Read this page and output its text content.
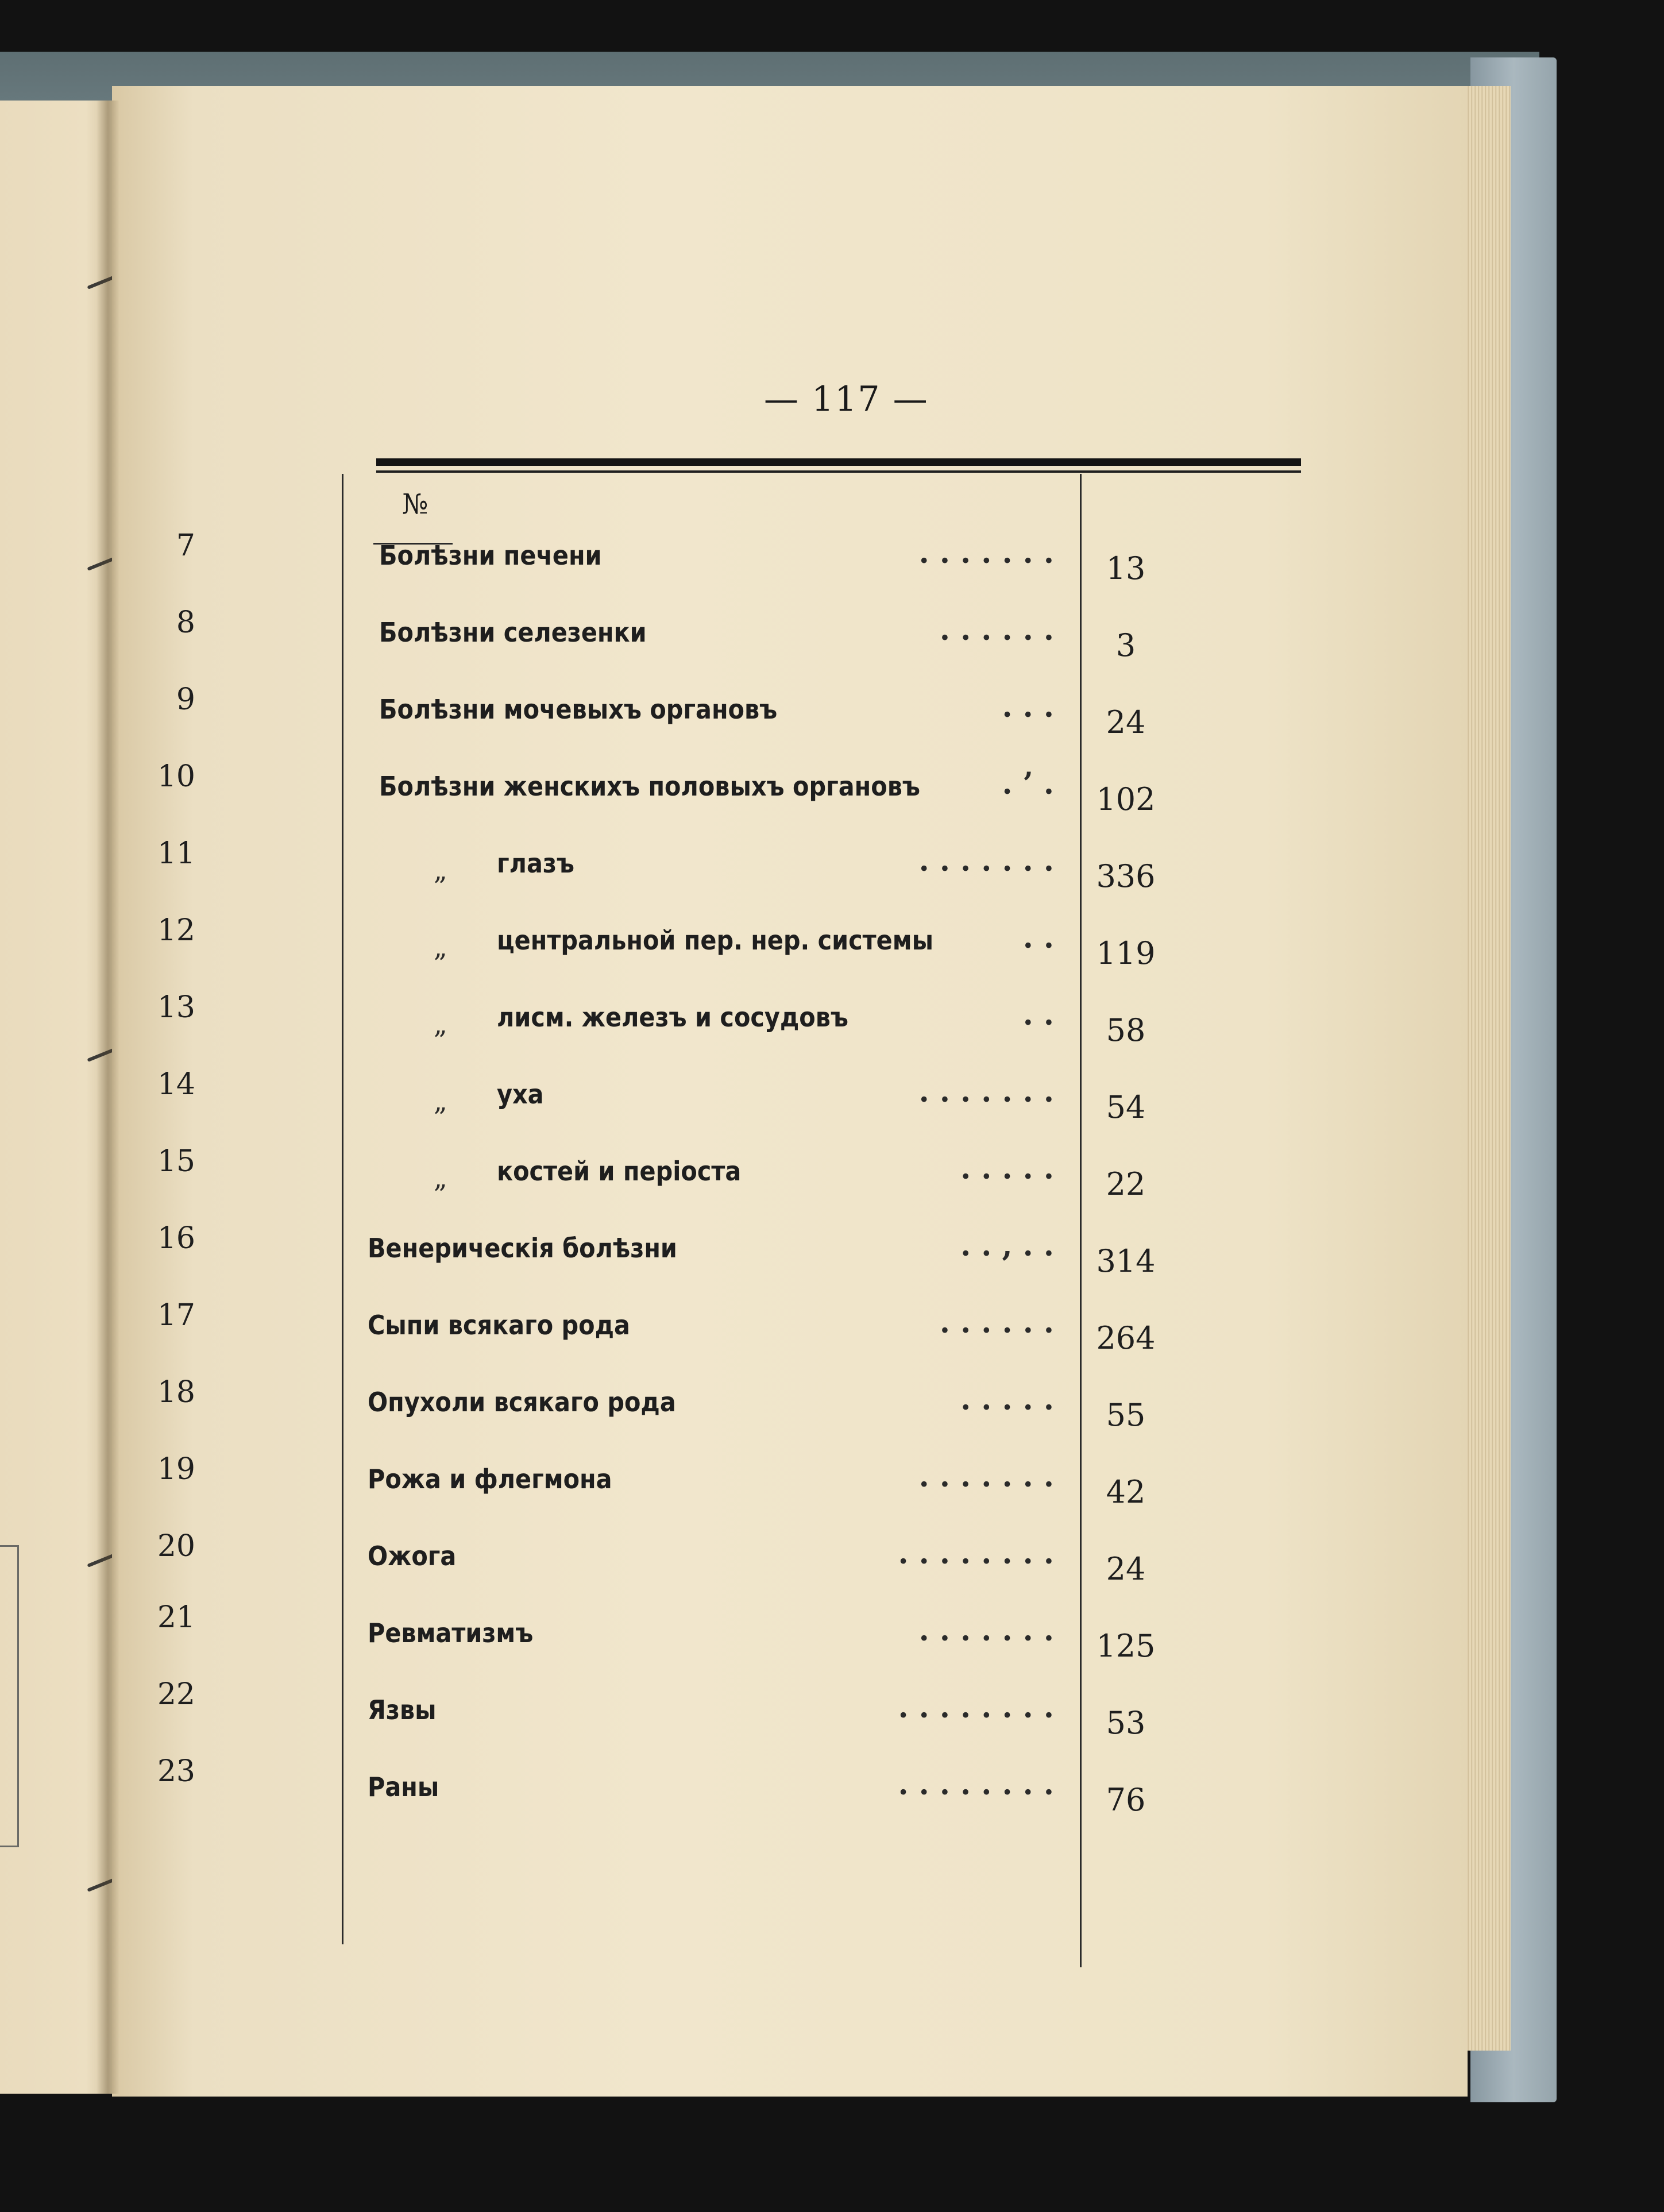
— 117 —
№
7	Болѣзни печени	. . . . . . .	13
8	Болѣзни селезенки	. . . . . .	3
9	Болѣзни мочевыхъ органовъ	. . .	24
10	Болѣзни женскихъ половыхъ органовъ	. ’ .	102
11	„ глазъ	. . . . . . .	336
12	„ центральной пер. нер. системы	. .	119
13	„ лисм. железъ и сосудовъ	. .	58
14	„ уха	. . . . . . .	54
15	„ костей и періоста	. . . . .	22
16	Венерическія болѣзни	. . , . .	314
17	Сыпи всякаго рода	. . . . . .	264
18	Опухоли всякаго рода	. . . . .	55
19	Рожа и флегмона	. . . . . . .	42
20	Ожога	. . . . . . . .	24
21	Ревматизмъ	. . . . . . .	125
22	Язвы	. . . . . . . .	53
23	Раны	. . . . . . . .	76
